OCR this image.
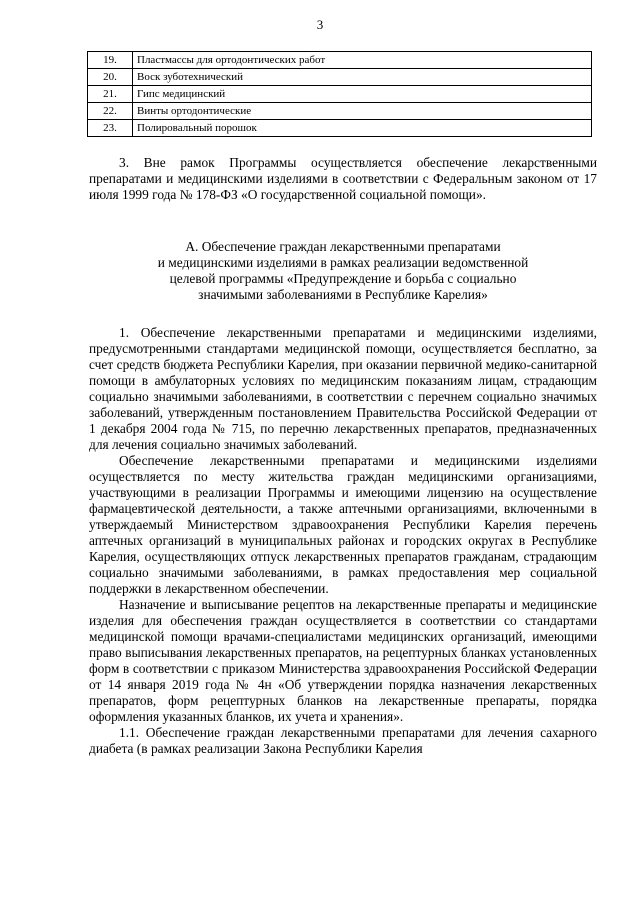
3
19.	Пластмассы для ортодонтических работ
20.	Воск зуботехнический
21.	Гипс медицинский
22.	Винты ортодонтические
23.	Полировальный порошок

3. Вне рамок Программы осуществляется обеспечение лекарственными препаратами и медицинскими изделиями в соответствии с Федеральным законом от 17 июля 1999 года № 178-ФЗ «О государственной социальной помощи».

А. Обеспечение граждан лекарственными препаратами
и медицинскими изделиями в рамках реализации ведомственной
целевой программы «Предупреждение и борьба с социально
значимыми заболеваниями в Республике Карелия»

1. Обеспечение лекарственными препаратами и медицинскими изделиями, предусмотренными стандартами медицинской помощи, осуществляется бесплатно, за счет средств бюджета Республики Карелия, при оказании первичной медико-санитарной помощи в амбулаторных условиях по медицинским показаниям лицам, страдающим социально значимыми заболеваниями, в соответствии с перечнем социально значимых заболеваний, утвержденным постановлением Правительства Российской Федерации от 1 декабря 2004 года № 715, по перечню лекарственных препаратов, предназначенных для лечения социально значимых заболеваний.

Обеспечение лекарственными препаратами и медицинскими изделиями осуществляется по месту жительства граждан медицинскими организациями, участвующими в реализации Программы и имеющими лицензию на осуществление фармацевтической деятельности, а также аптечными организациями, включенными в утверждаемый Министерством здравоохранения Республики Карелия перечень аптечных организаций в муниципальных районах и городских округах в Республике Карелия, осуществляющих отпуск лекарственных препаратов гражданам, страдающим социально значимыми заболеваниями, в рамках предоставления мер социальной поддержки в лекарственном обеспечении.

Назначение и выписывание рецептов на лекарственные препараты и медицинские изделия для обеспечения граждан осуществляется в соответствии со стандартами медицинской помощи врачами-специалистами медицинских организаций, имеющими право выписывания лекарственных препаратов, на рецептурных бланках установленных форм в соответствии с приказом Министерства здравоохранения Российской Федерации от 14 января 2019 года № 4н «Об утверждении порядка назначения лекарственных препаратов, форм рецептурных бланков на лекарственные препараты, порядка оформления указанных бланков, их учета и хранения».

1.1. Обеспечение граждан лекарственными препаратами для лечения сахарного диабета (в рамках реализации Закона Республики Карелия
